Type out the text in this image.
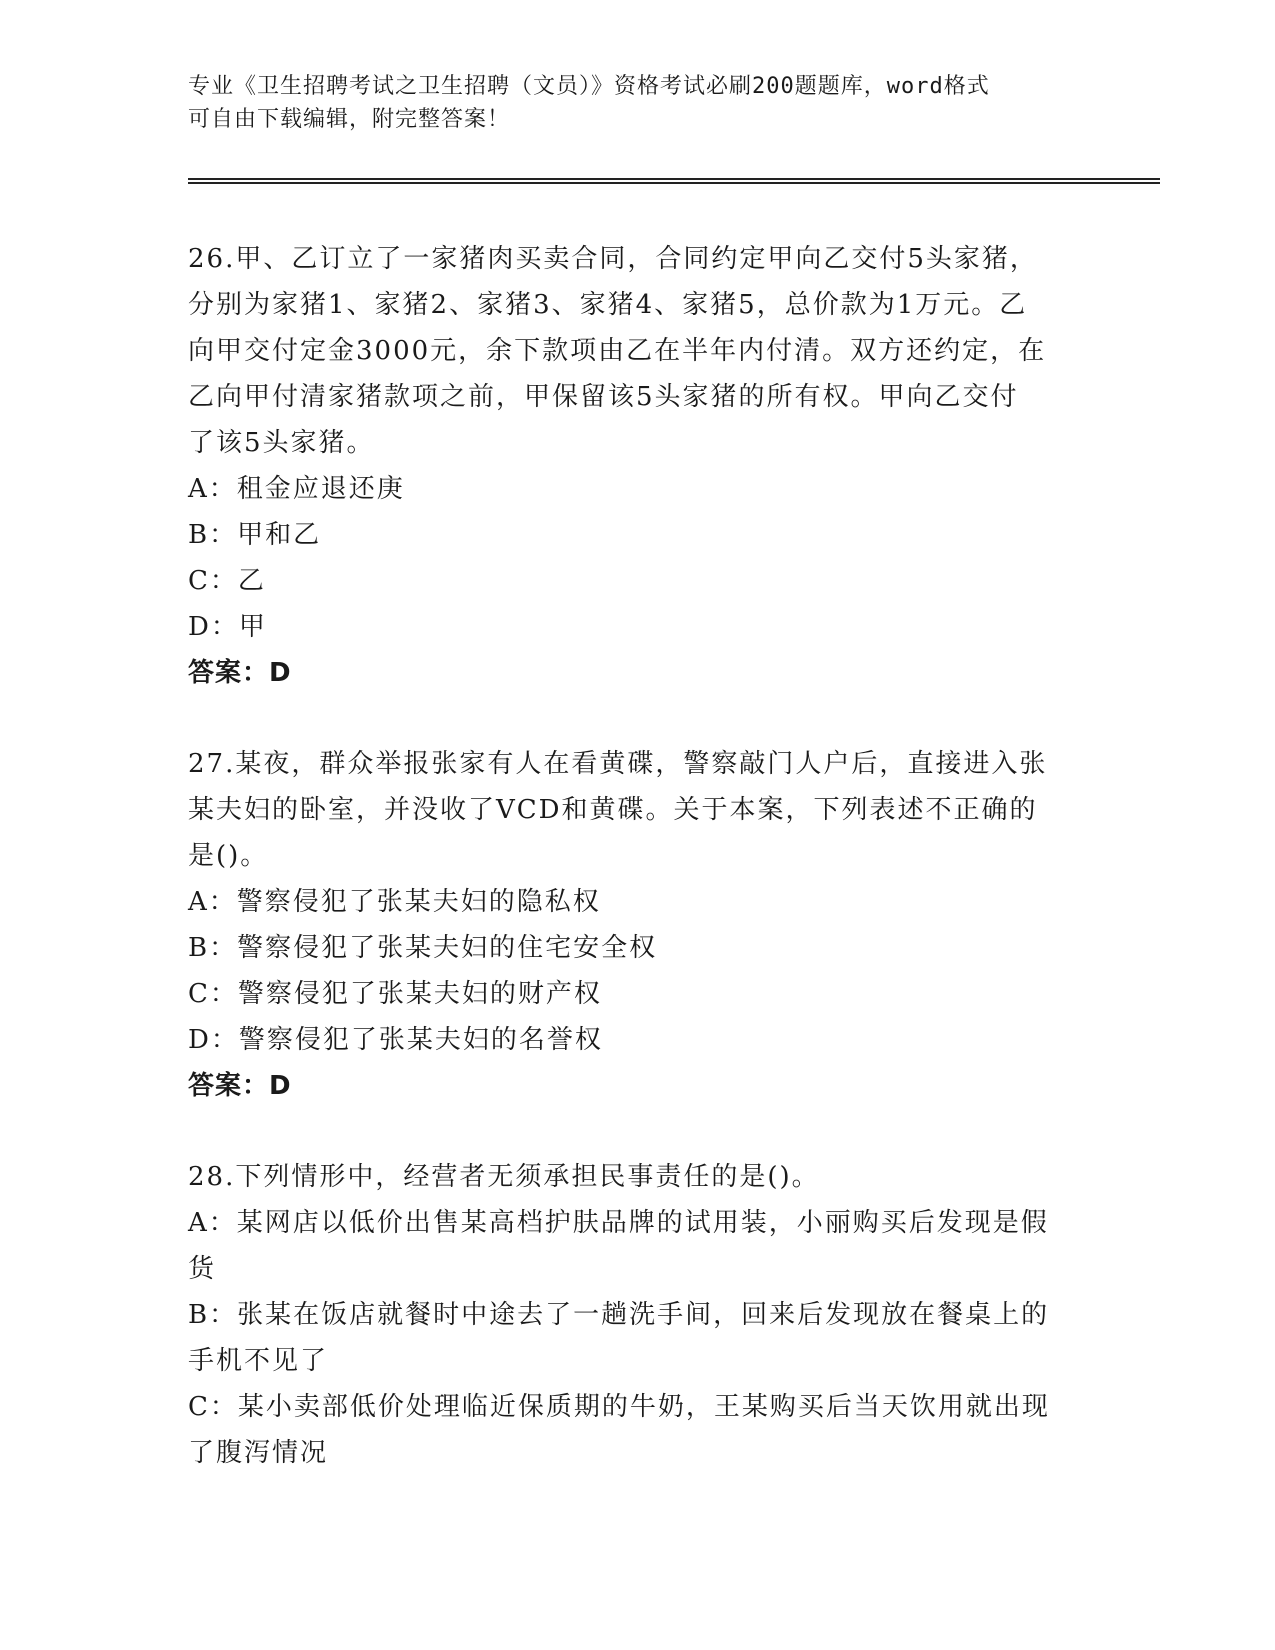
专业《卫生招聘考试之卫生招聘（文员）》资格考试必刷200题题库，word格式
可自由下载编辑，附完整答案！

26.甲、乙订立了一家猪肉买卖合同，合同约定甲向乙交付5头家猪，

分别为家猪1、家猪2、家猪3、家猪4、家猪5，总价款为1万元。乙

向甲交付定金3000元，余下款项由乙在半年内付清。双方还约定，在

乙向甲付清家猪款项之前，甲保留该5头家猪的所有权。甲向乙交付

了该5头家猪。

A：租金应退还庚

B：甲和乙

C：乙

D：甲

答案：D

27.某夜，群众举报张家有人在看黄碟，警察敲门人户后，直接进入张

某夫妇的卧室，并没收了VCD和黄碟。关于本案，下列表述不正确的

是()。

A：警察侵犯了张某夫妇的隐私权

B：警察侵犯了张某夫妇的住宅安全权

C：警察侵犯了张某夫妇的财产权

D：警察侵犯了张某夫妇的名誉权

答案：D

28.下列情形中，经营者无须承担民事责任的是()。

A：某网店以低价出售某高档护肤品牌的试用装，小丽购买后发现是假

货

B：张某在饭店就餐时中途去了一趟洗手间，回来后发现放在餐桌上的

手机不见了

C：某小卖部低价处理临近保质期的牛奶，王某购买后当天饮用就出现

了腹泻情况
